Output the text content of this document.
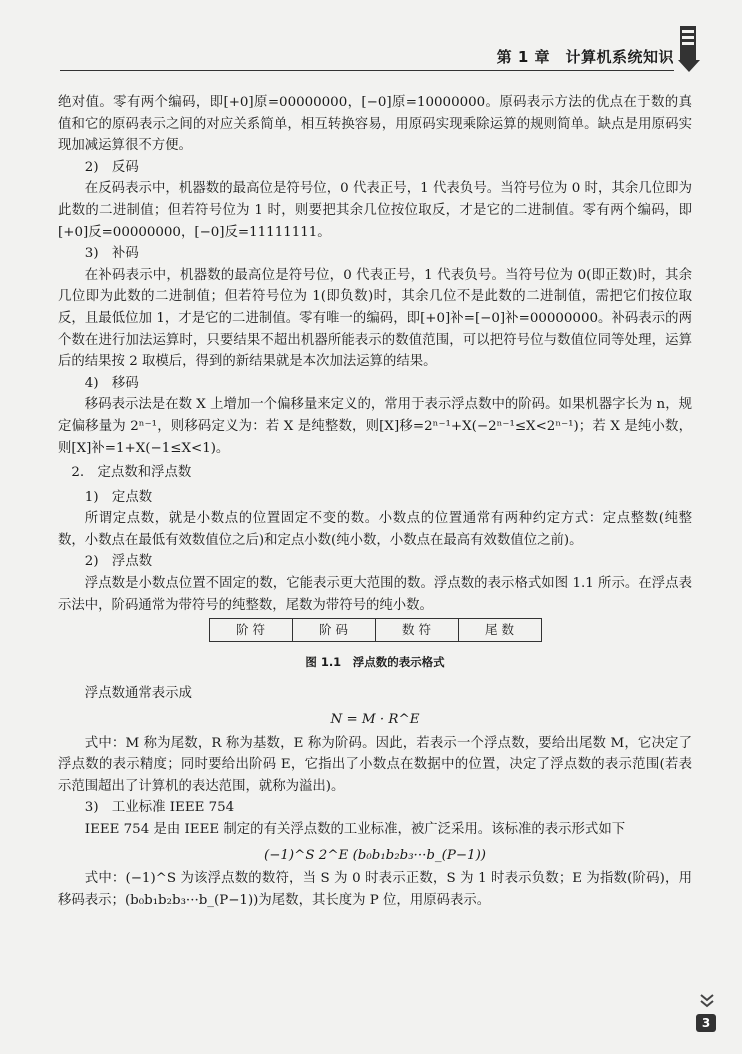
第 1 章　计算机系统知识

绝对值。零有两个编码，即[+0]原=00000000，[−0]原=10000000。原码表示方法的优点在于数的真值和它的原码表示之间的对应关系简单，相互转换容易，用原码实现乘除运算的规则简单。缺点是用原码实现加减运算很不方便。

2)　反码

在反码表示中，机器数的最高位是符号位，0 代表正号，1 代表负号。当符号位为 0 时，其余几位即为此数的二进制值；但若符号位为 1 时，则要把其余几位按位取反，才是它的二进制值。零有两个编码，即[+0]反=00000000，[−0]反=11111111。

3)　补码

在补码表示中，机器数的最高位是符号位，0 代表正号，1 代表负号。当符号位为 0(即正数)时，其余几位即为此数的二进制值；但若符号位为 1(即负数)时，其余几位不是此数的二进制值，需把它们按位取反，且最低位加 1，才是它的二进制值。零有唯一的编码，即[+0]补=[−0]补=00000000。补码表示的两个数在进行加法运算时，只要结果不超出机器所能表示的数值范围，可以把符号位与数值位同等处理，运算后的结果按 2 取模后，得到的新结果就是本次加法运算的结果。

4)　移码

移码表示法是在数 X 上增加一个偏移量来定义的，常用于表示浮点数中的阶码。如果机器字长为 n，规定偏移量为 2ⁿ⁻¹，则移码定义为：若 X 是纯整数，则[X]移=2ⁿ⁻¹+X(−2ⁿ⁻¹≤X<2ⁿ⁻¹)；若 X 是纯小数，则[X]补=1+X(−1≤X<1)。

2.　定点数和浮点数

1)　定点数

所谓定点数，就是小数点的位置固定不变的数。小数点的位置通常有两种约定方式：定点整数(纯整数，小数点在最低有效数值位之后)和定点小数(纯小数，小数点在最高有效数值位之前)。

2)　浮点数

浮点数是小数点位置不固定的数，它能表示更大范围的数。浮点数的表示格式如图 1.1 所示。在浮点表示法中，阶码通常为带符号的纯整数，尾数为带符号的纯小数。

阶符	阶码	数符	尾数
图 1.1　浮点数的表示格式

浮点数通常表示成

N = M · R^E

式中：M 称为尾数，R 称为基数，E 称为阶码。因此，若表示一个浮点数，要给出尾数 M，它决定了浮点数的表示精度；同时要给出阶码 E，它指出了小数点在数据中的位置，决定了浮点数的表示范围(若表示范围超出了计算机的表达范围，就称为溢出)。

3)　工业标准 IEEE 754

IEEE 754 是由 IEEE 制定的有关浮点数的工业标准，被广泛采用。该标准的表示形式如下

(−1)^S 2^E (b₀b₁b₂b₃···b_(P−1))

式中：(−1)^S 为该浮点数的数符，当 S 为 0 时表示正数，S 为 1 时表示负数；E 为指数(阶码)，用移码表示；(b₀b₁b₂b₃···b_(P−1))为尾数，其长度为 P 位，用原码表示。

3
